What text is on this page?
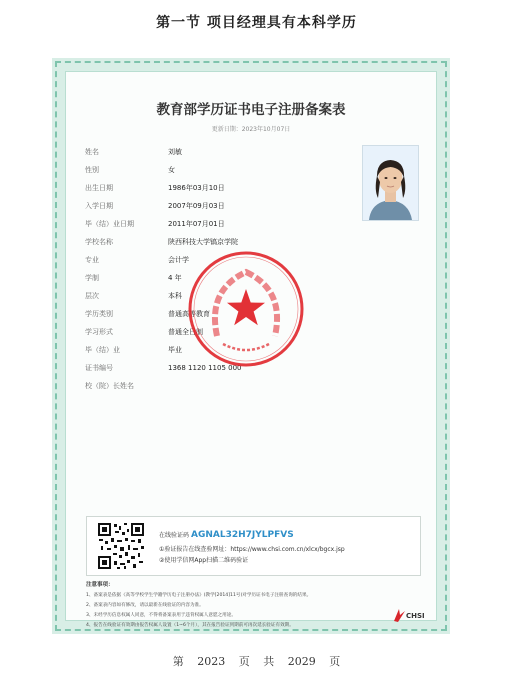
第一节 项目经理具有本科学历
教育部学历证书电子注册备案表
更新日期：2023年10月07日
姓名	刘敏
性别	女
出生日期	1986年03月10日
入学日期	2007年09月03日
毕（结）业日期	2011年07月01日
学校名称	陕西科技大学镐京学院
专业	会计学
学制	4 年
层次	本科
学历类别	普通高等教育
学习形式	普通全日制
毕（结）业	毕业
证书编号	1368 1120 1105 000
校（院）长姓名
在线验证码 AGNAL32H7JYLPFVS
①验证报告在线查验网址：https://www.chsi.com.cn/xlcx/bgcx.jsp
②使用学信网App扫描二维码验证
注意事项：
1、备案表是依据《高等学校学生学籍学历电子注册办法》(教学[2014]11号)对学历证书电子注册查询的结果。
2、备案表内容如有修改，请以最新在线验证的内容为准。
3、未经学历信息权属人同意，不得将备案表用于违背权属人意愿之用途。
4、报告在线验证有效期由报告权属人设置（1~6个月），其在报告验证到期前可再次延长验证有效期。
CHSI
第 2023 页 共 2029 页
